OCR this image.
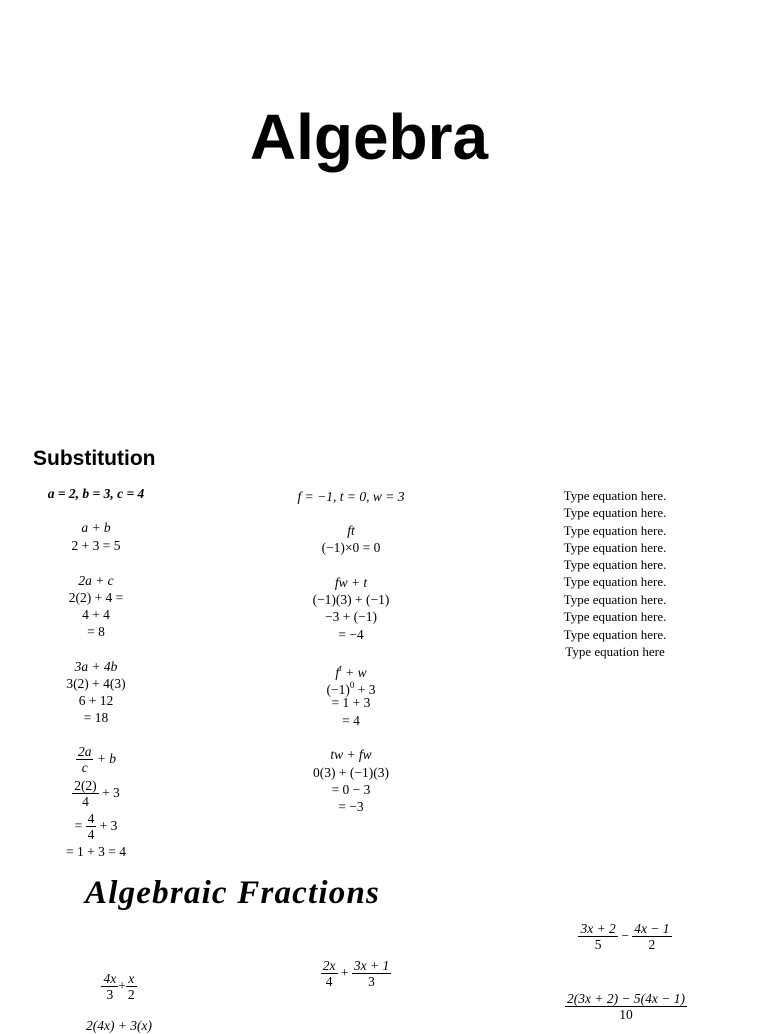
Algebra
Substitution
a = 2, b = 3, c = 4
a + b
2 + 3 = 5
2a + c
2(2) + 4 =
4 + 4
= 8
3a + 4b
3(2) + 4(3)
6 + 12
= 18
$\frac{2a}{c} + b$
$\frac{2(2)}{4} + 3$
= $\frac{4}{4} + 3$
= 1 + 3 = 4
f = −1, t = 0, w = 3
ft
(−1)×0 = 0
fw + t
(−1)(3) + (−1)
−3 + (−1)
= −4
$f^t + w$
$(-1)^0 + 3$
= 1 + 3
= 4
tw + fw
0(3) + (−1)(3)
= 0 − 3
= −3
Type equation here.
Type equation here.
Type equation here.
Type equation here.
Type equation here.
Type equation here.
Type equation here.
Type equation here.
Type equation here.
Type equation here
Algebraic Fractions
$\frac{4x}{3} + \frac{x}{2}$	$\frac{2x}{4} + \frac{3x + 1}{3}$
$\frac{3x + 2}{5} - \frac{4x - 1}{2}$
$\frac{2(3x + 2) - 5(4x - 1)}{10}$
2(4x) + 3(x)
